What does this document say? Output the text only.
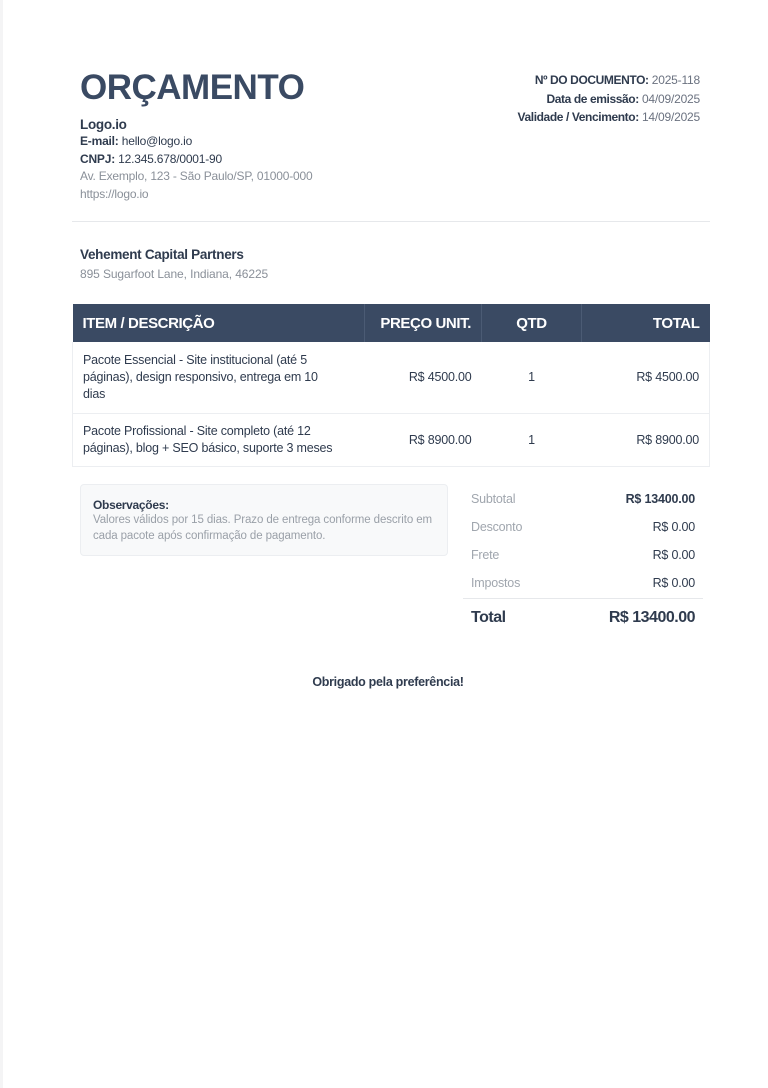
ORÇAMENTO
Logo.io
E-mail: hello@logo.io
CNPJ: 12.345.678/0001-90
Av. Exemplo, 123 - São Paulo/SP, 01000-000
https://logo.io
Nº DO DOCUMENTO: 2025-118
Data de emissão: 04/09/2025
Validade / Vencimento: 14/09/2025
Vehement Capital Partners
895 Sugarfoot Lane, Indiana, 46225
ITEM / DESCRIÇÃO	PREÇO UNIT.	QTD	TOTAL
Pacote Essencial - Site institucional (até 5 páginas), design responsivo, entrega em 10 dias	R$ 4500.00	1	R$ 4500.00
Pacote Profissional - Site completo (até 12 páginas), blog + SEO básico, suporte 3 meses	R$ 8900.00	1	R$ 8900.00
Observações:
Valores válidos por 15 dias. Prazo de entrega conforme descrito em cada pacote após confirmação de pagamento.
Subtotal	R$ 13400.00
Desconto	R$ 0.00
Frete	R$ 0.00
Impostos	R$ 0.00
Total	R$ 13400.00
Obrigado pela preferência!
